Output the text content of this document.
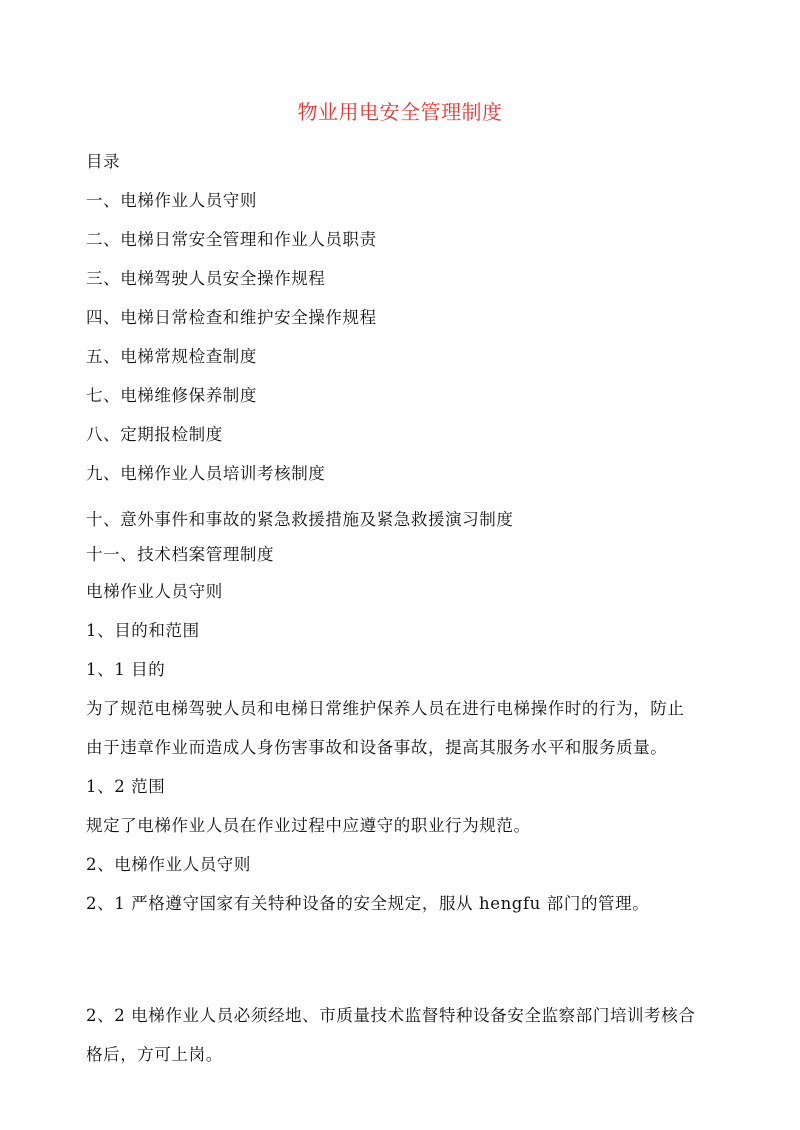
物业用电安全管理制度
目录
一、电梯作业人员守则
二、电梯日常安全管理和作业人员职责
三、电梯驾驶人员安全操作规程
四、电梯日常检查和维护安全操作规程
五、电梯常规检查制度
七、电梯维修保养制度
八、定期报检制度
九、电梯作业人员培训考核制度
十、意外事件和事故的紧急救援措施及紧急救援演习制度
十一、技术档案管理制度
电梯作业人员守则
1、目的和范围
1、1 目的
为了规范电梯驾驶人员和电梯日常维护保养人员在进行电梯操作时的行为，防止
由于违章作业而造成人身伤害事故和设备事故，提高其服务水平和服务质量。
1、2 范围
规定了电梯作业人员在作业过程中应遵守的职业行为规范。
2、电梯作业人员守则
2、1 严格遵守国家有关特种设备的安全规定，服从 hengfu 部门的管理。
2、2 电梯作业人员必须经地、市质量技术监督特种设备安全监察部门培训考核合
格后，方可上岗。
